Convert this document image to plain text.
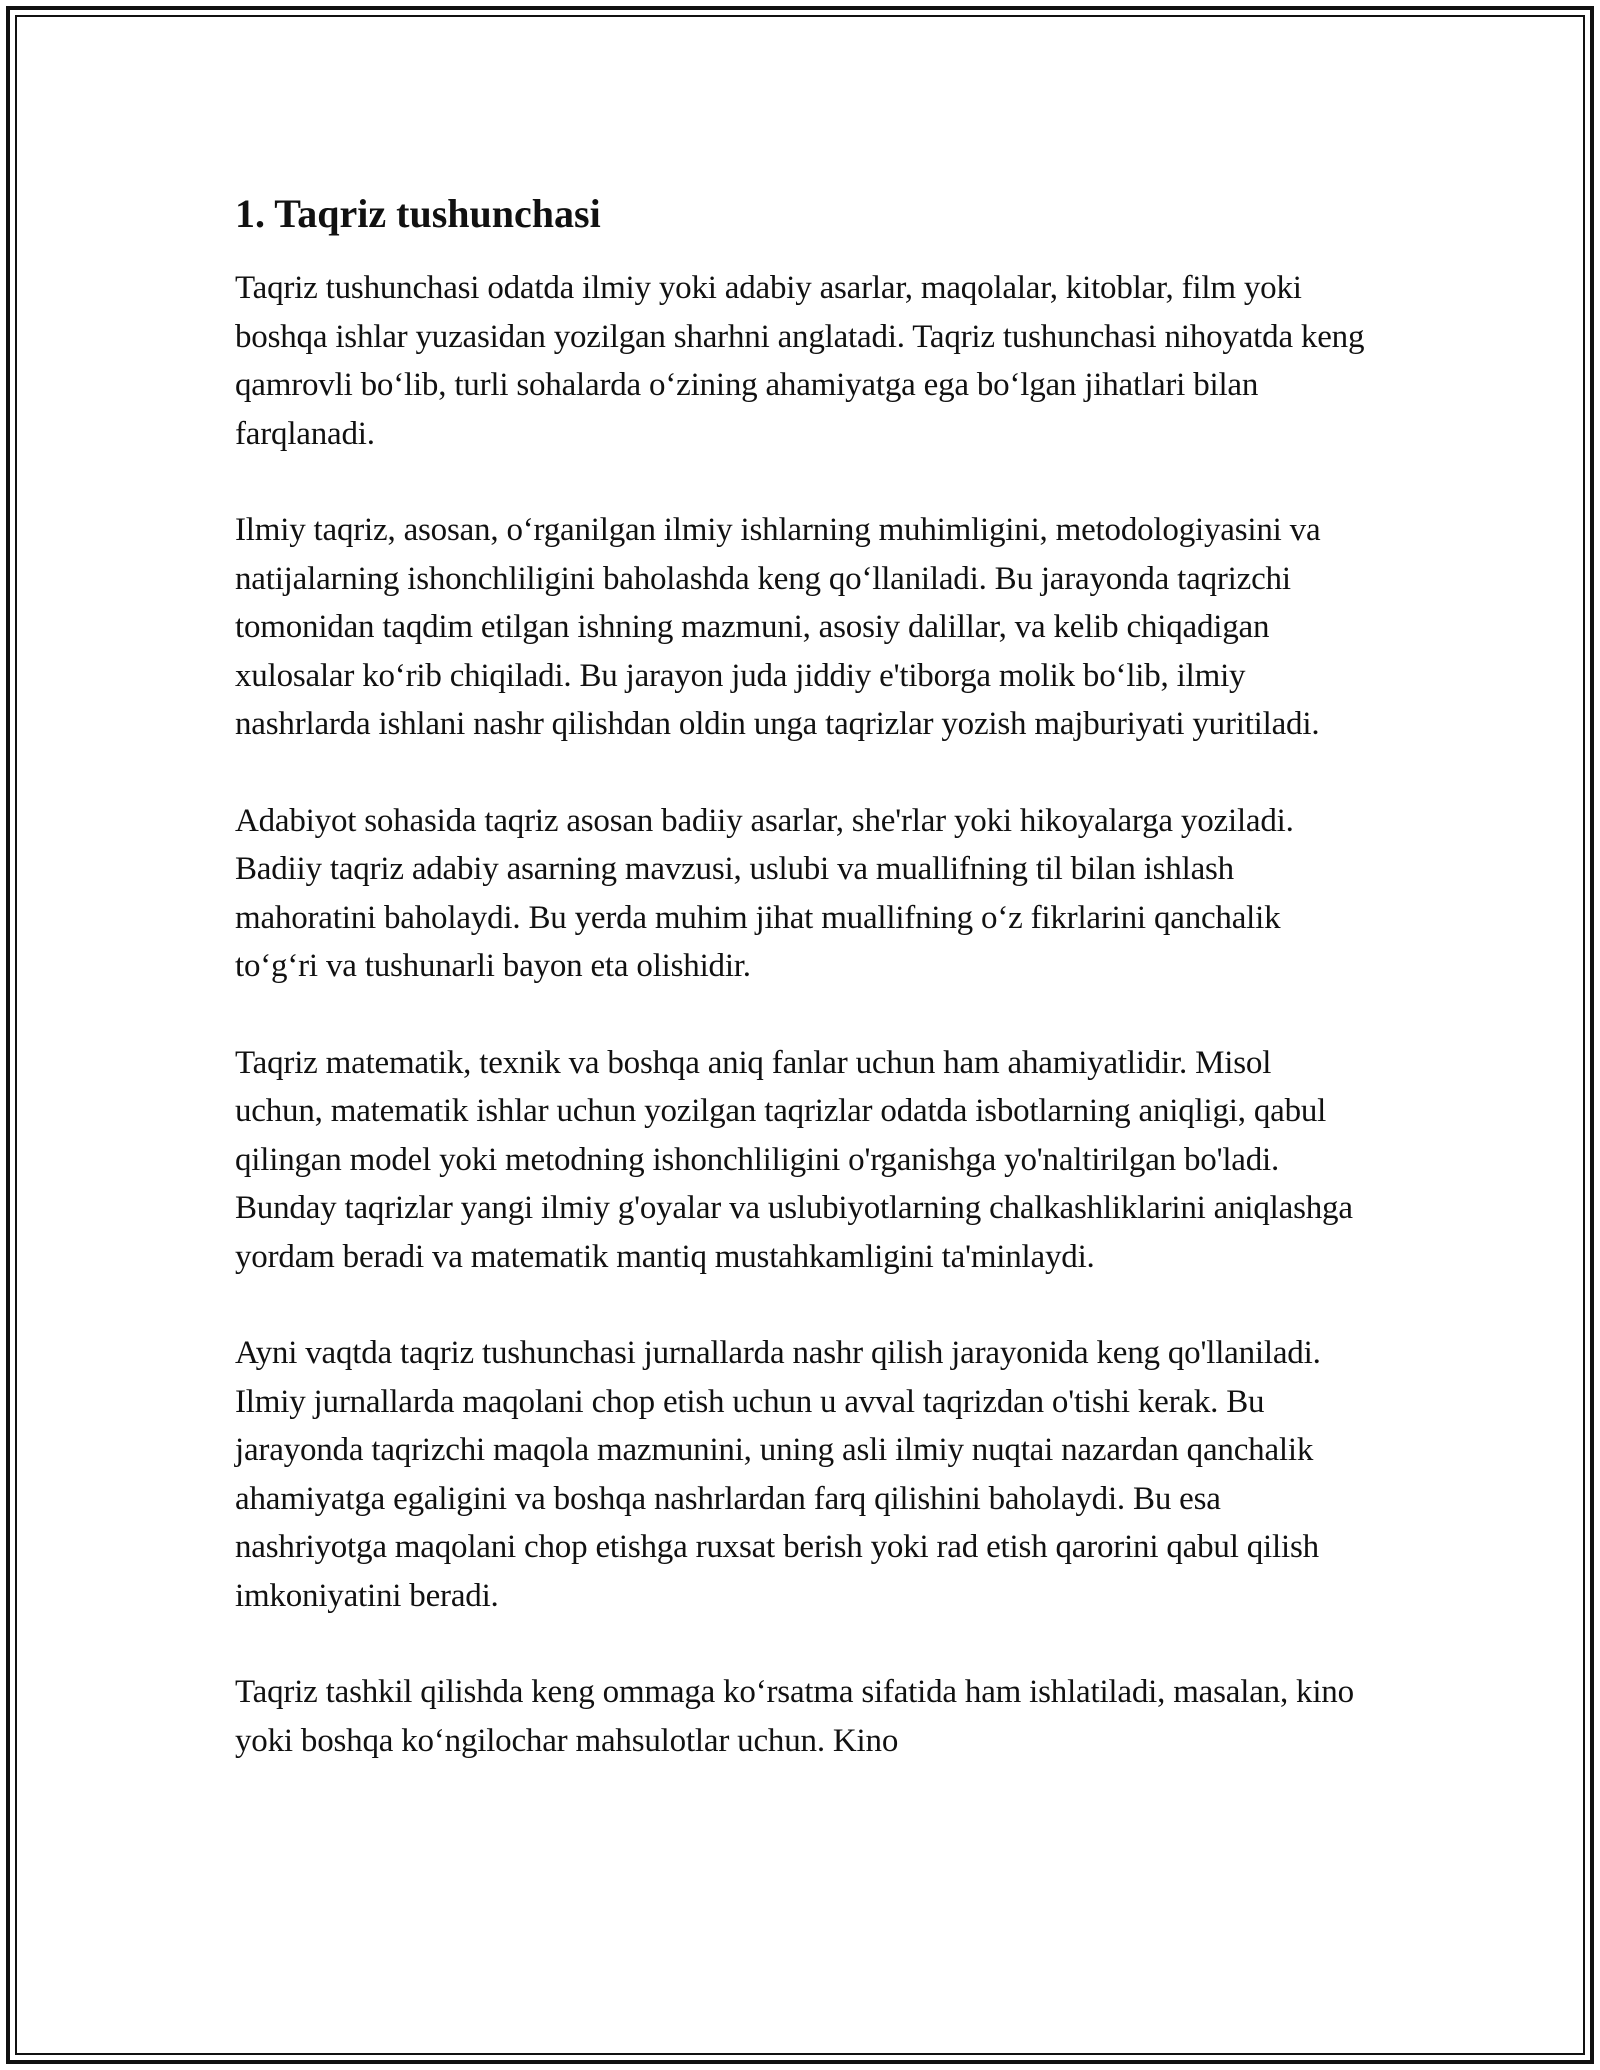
1. Taqriz tushunchasi

Taqriz tushunchasi odatda ilmiy yoki adabiy asarlar, maqolalar, kitoblar, film yoki boshqa ishlar yuzasidan yozilgan sharhni anglatadi. Taqriz tushunchasi nihoyatda keng qamrovli bo‘lib, turli sohalarda o‘zining ahamiyatga ega bo‘lgan jihatlari bilan farqlanadi.

Ilmiy taqriz, asosan, o‘rganilgan ilmiy ishlarning muhimligini, metodologiyasini va natijalarning ishonchliligini baholashda keng qo‘llaniladi. Bu jarayonda taqrizchi tomonidan taqdim etilgan ishning mazmuni, asosiy dalillar, va kelib chiqadigan xulosalar ko‘rib chiqiladi. Bu jarayon juda jiddiy e'tiborga molik bo‘lib, ilmiy nashrlarda ishlani nashr qilishdan oldin unga taqrizlar yozish majburiyati yuritiladi.

Adabiyot sohasida taqriz asosan badiiy asarlar, she'rlar yoki hikoyalarga yoziladi. Badiiy taqriz adabiy asarning mavzusi, uslubi va muallifning til bilan ishlash mahoratini baholaydi. Bu yerda muhim jihat muallifning o‘z fikrlarini qanchalik to‘g‘ri va tushunarli bayon eta olishidir.

Taqriz matematik, texnik va boshqa aniq fanlar uchun ham ahamiyatlidir. Misol uchun, matematik ishlar uchun yozilgan taqrizlar odatda isbotlarning aniqligi, qabul qilingan model yoki metodning ishonchliligini o'rganishga yo'naltirilgan bo'ladi. Bunday taqrizlar yangi ilmiy g'oyalar va uslubiyotlarning chalkashliklarini aniqlashga yordam beradi va matematik mantiq mustahkamligini ta'minlaydi.

Ayni vaqtda taqriz tushunchasi jurnallarda nashr qilish jarayonida keng qo'llaniladi. Ilmiy jurnallarda maqolani chop etish uchun u avval taqrizdan o'tishi kerak. Bu jarayonda taqrizchi maqola mazmunini, uning asli ilmiy nuqtai nazardan qanchalik ahamiyatga egaligini va boshqa nashrlardan farq qilishini baholaydi. Bu esa nashriyotga maqolani chop etishga ruxsat berish yoki rad etish qarorini qabul qilish imkoniyatini beradi.

Taqriz tashkil qilishda keng ommaga ko‘rsatma sifatida ham ishlatiladi, masalan, kino yoki boshqa ko‘ngilochar mahsulotlar uchun. Kino
